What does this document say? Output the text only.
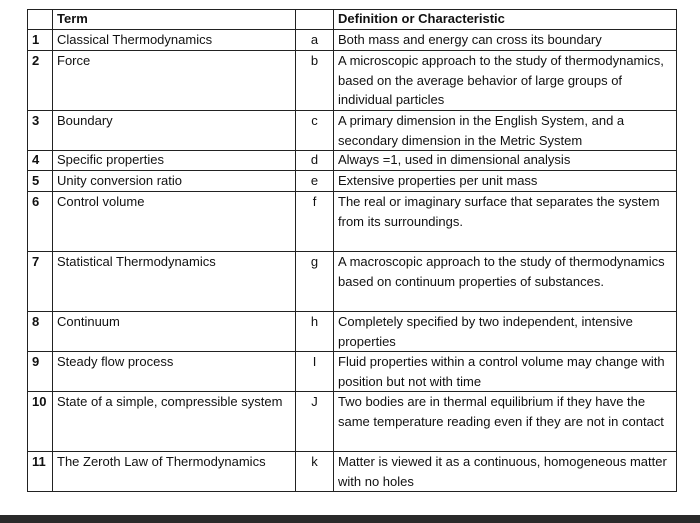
	Term		Definition or Characteristic
1	Classical Thermodynamics	a	Both mass and energy can cross its boundary
2	Force	b	A microscopic approach to the study of thermodynamics, based on the average behavior of large groups of individual particles
3	Boundary	c	A primary dimension in the English System, and a secondary dimension in the Metric System
4	Specific properties	d	Always =1, used in dimensional analysis
5	Unity conversion ratio	e	Extensive properties per unit mass
6	Control volume	f	The real or imaginary surface that separates the system from its surroundings.
7	Statistical Thermodynamics	g	A macroscopic approach to the study of thermodynamics based on continuum properties of substances.
8	Continuum	h	Completely specified by two independent, intensive properties
9	Steady flow process	I	Fluid properties within a control volume may change with position but not with time
10	State of a simple, compressible system	J	Two bodies are in thermal equilibrium if they have the same temperature reading even if they are not in contact
11	The Zeroth Law of Thermodynamics	k	Matter is viewed it as a continuous, homogeneous matter with no holes
